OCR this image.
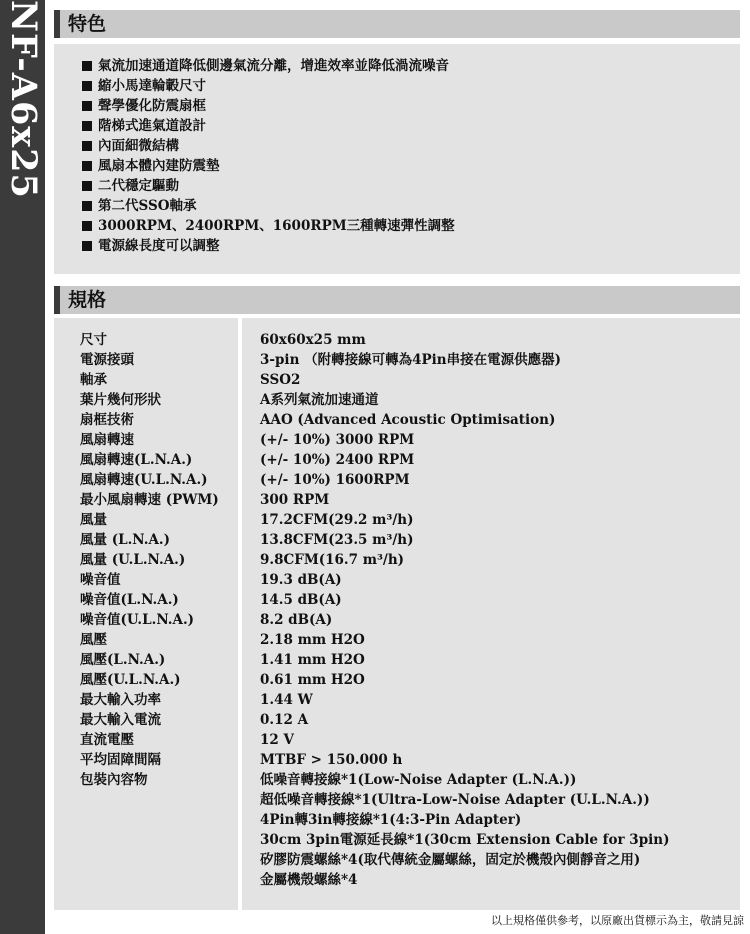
NF-A6x25 特色
氣流加速通道降低側邊氣流分離，增進效率並降低渦流噪音
縮小馬達輪轂尺寸
聲學優化防震扇框
階梯式進氣道設計
內面細微結構
風扇本體內建防震墊
二代穩定驅動
第二代SSO軸承
3000RPM、2400RPM、1600RPM三種轉速彈性調整
電源線長度可以調整
規格
尺寸
電源接頭
軸承
葉片幾何形狀
扇框技術
風扇轉速
風扇轉速(L.N.A.)
風扇轉速(U.L.N.A.)
最小風扇轉速 (PWM)
風量
風量 (L.N.A.)
風量 (U.L.N.A.)
噪音值
噪音值(L.N.A.)
噪音值(U.L.N.A.)
風壓
風壓(L.N.A.)
風壓(U.L.N.A.)
最大輸入功率
最大輸入電流
直流電壓
平均固障間隔
包裝內容物
60x60x25 mm
3-pin （附轉接線可轉為4Pin串接在電源供應器)
SSO2
A系列氣流加速通道
AAO (Advanced Acoustic Optimisation)
(+/- 10%) 3000 RPM
(+/- 10%) 2400 RPM
(+/- 10%) 1600RPM
300 RPM
17.2CFM(29.2 m³/h)
13.8CFM(23.5 m³/h)
9.8CFM(16.7 m³/h)
19.3 dB(A)
14.5 dB(A)
8.2 dB(A)
2.18 mm H2O
1.41 mm H2O
0.61 mm H2O
1.44 W
0.12 A
12 V
MTBF > 150.000 h
低噪音轉接線*1(Low-Noise Adapter (L.N.A.))
超低噪音轉接線*1(Ultra-Low-Noise Adapter (U.L.N.A.))
4Pin轉3in轉接線*1(4:3-Pin Adapter)
30cm 3pin電源延長線*1(30cm Extension Cable for 3pin)
矽膠防震螺絲*4(取代傳統金屬螺絲，固定於機殼內側靜音之用)
金屬機殼螺絲*4
以上規格僅供參考，以原廠出貨標示為主，敬請見諒
